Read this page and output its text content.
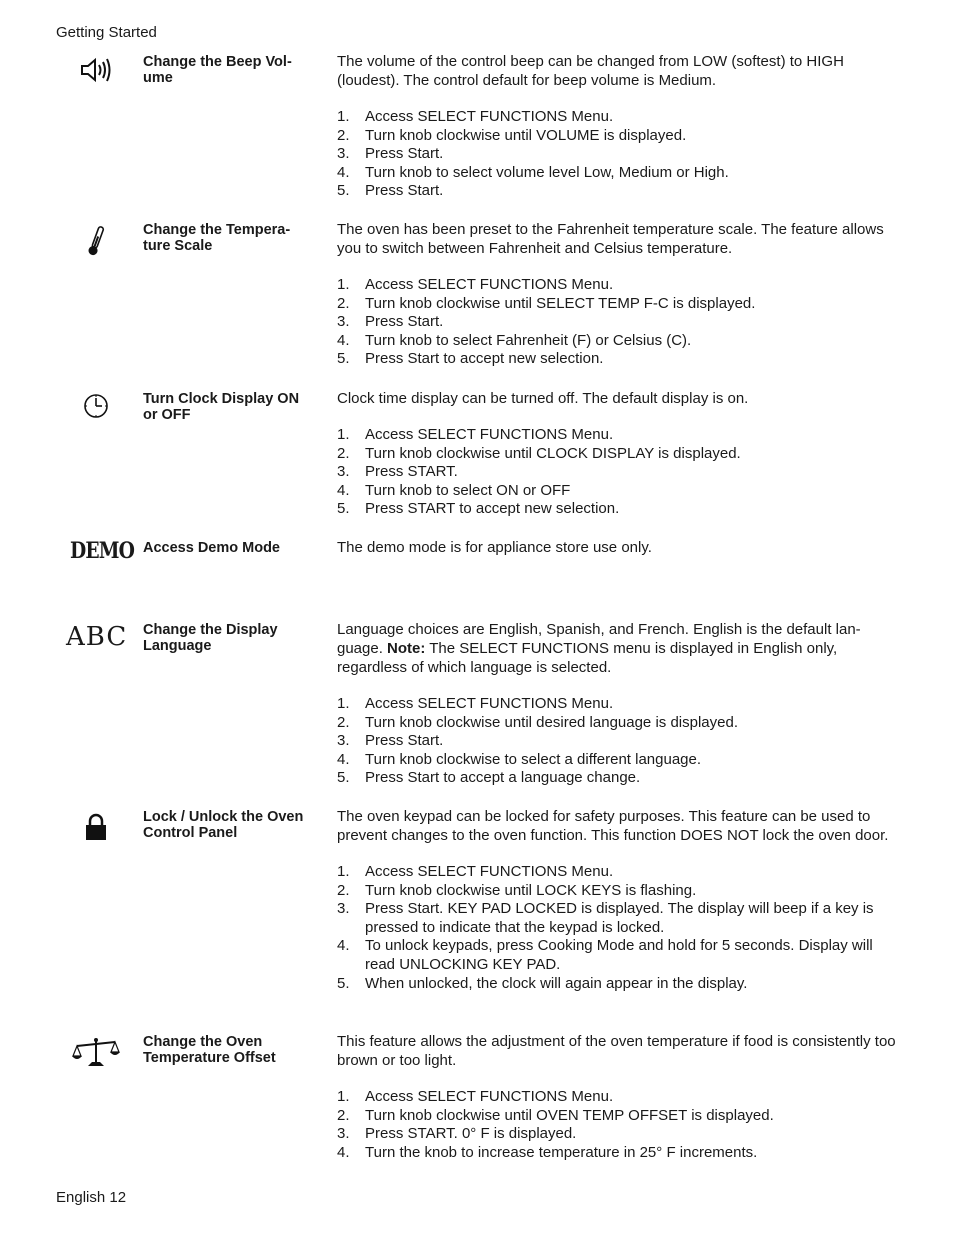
Getting Started
Change the Beep Vol-
ume

The volume of the control beep can be changed from LOW (softest) to HIGH (loudest). The control default for beep volume is Medium.

1. Access SELECT FUNCTIONS Menu.
2. Turn knob clockwise until VOLUME is displayed.
3. Press Start.
4. Turn knob to select volume level Low, Medium or High.
5. Press Start.
Change the Tempera-
ture Scale

The oven has been preset to the Fahrenheit temperature scale. The feature allows you to switch between Fahrenheit and Celsius temperature.

1. Access SELECT FUNCTIONS Menu.
2. Turn knob clockwise until SELECT TEMP F-C is displayed.
3. Press Start.
4. Turn knob to select Fahrenheit (F) or Celsius (C).
5. Press Start to accept new selection.
Turn Clock Display ON
or OFF

Clock time display can be turned off. The default display is on.

1. Access SELECT FUNCTIONS Menu.
2. Turn knob clockwise until CLOCK DISPLAY is displayed.
3. Press START.
4. Turn knob to select ON or OFF
5. Press START to accept new selection.
DEMO Access Demo Mode	The demo mode is for appliance store use only.

ABC Change the Display
Language

Language choices are English, Spanish, and French. English is the default lan-guage. Note: The SELECT FUNCTIONS menu is displayed in English only, regardless of which language is selected.

1. Access SELECT FUNCTIONS Menu.
2. Turn knob clockwise until desired language is displayed.
3. Press Start.
4. Turn knob clockwise to select a different language.
5. Press Start to accept a language change.
Lock / Unlock the Oven
Control Panel

The oven keypad can be locked for safety purposes. This feature can be used to prevent changes to the oven function. This function DOES NOT lock the oven door.

1. Access SELECT FUNCTIONS Menu.
2. Turn knob clockwise until LOCK KEYS is flashing.
3. Press Start. KEY PAD LOCKED is displayed. The display will beep if a key is pressed to indicate that the keypad is locked.
4. To unlock keypads, press Cooking Mode and hold for 5 seconds. Display will read UNLOCKING KEY PAD.
5. When unlocked, the clock will again appear in the display.
Change the Oven
Temperature Offset

This feature allows the adjustment of the oven temperature if food is consistently too brown or too light.

1. Access SELECT FUNCTIONS Menu.
2. Turn knob clockwise until OVEN TEMP OFFSET is displayed.
3. Press START. 0° F is displayed.
4. Turn the knob to increase temperature in 25° F increments.
English 12
